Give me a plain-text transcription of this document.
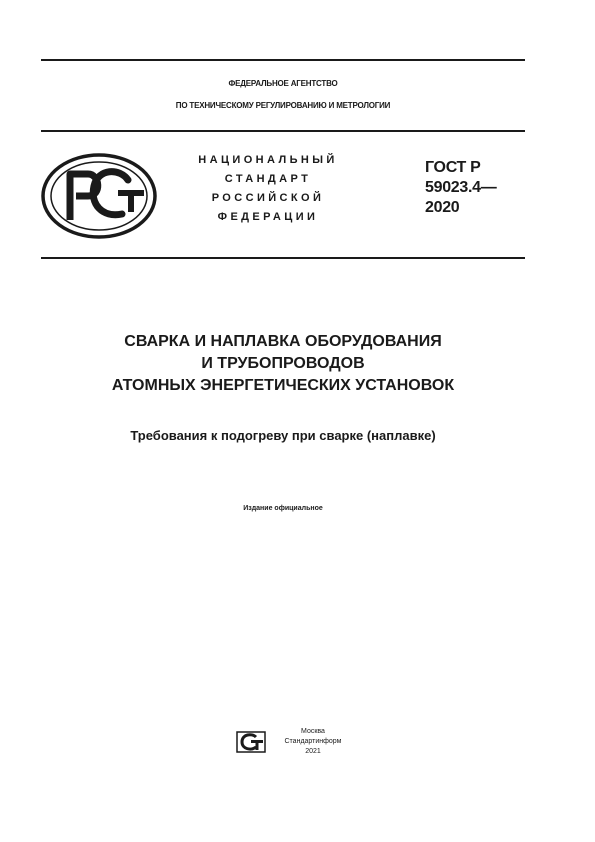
ФЕДЕРАЛЬНОЕ АГЕНТСТВО
ПО ТЕХНИЧЕСКОМУ РЕГУЛИРОВАНИЮ И МЕТРОЛОГИИ
НАЦИОНАЛЬНЫЙ
СТАНДАРТ
РОССИЙСКОЙ
ФЕДЕРАЦИИ
ГОСТ Р
59023.4—
2020
СВАРКА И НАПЛАВКА ОБОРУДОВАНИЯ
И ТРУБОПРОВОДОВ
АТОМНЫХ ЭНЕРГЕТИЧЕСКИХ УСТАНОВОК
Требования к подогреву при сварке (наплавке)
Издание официальное
Москва
Стандартинформ
2021
